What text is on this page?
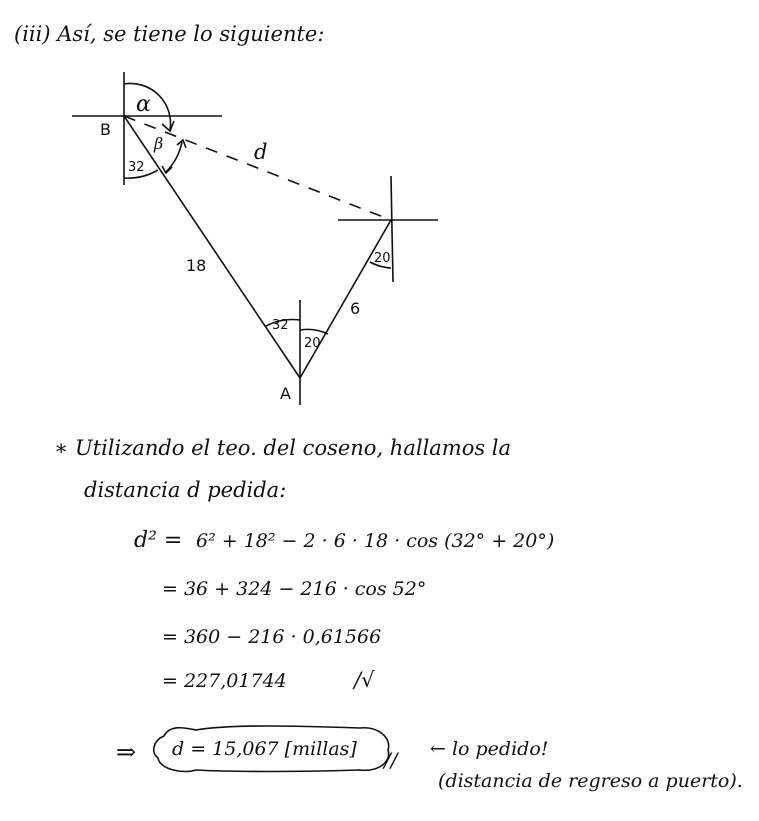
(iii) Así, se tiene lo siguiente:
B
A
α
β	d
18
6
32
32
20
20
∗ Utilizando el teo. del coseno, hallamos la
distancia d pedida:
d² = 6² + 18² − 2 · 6 · 18 · cos (32° + 20°)
= 36 + 324 − 216 · cos 52°
= 360 − 216 · 0,61566
= 227,01744	/√
⇒ d = 15,067 [millas] // ← lo pedido!
(distancia de regreso a puerto).
